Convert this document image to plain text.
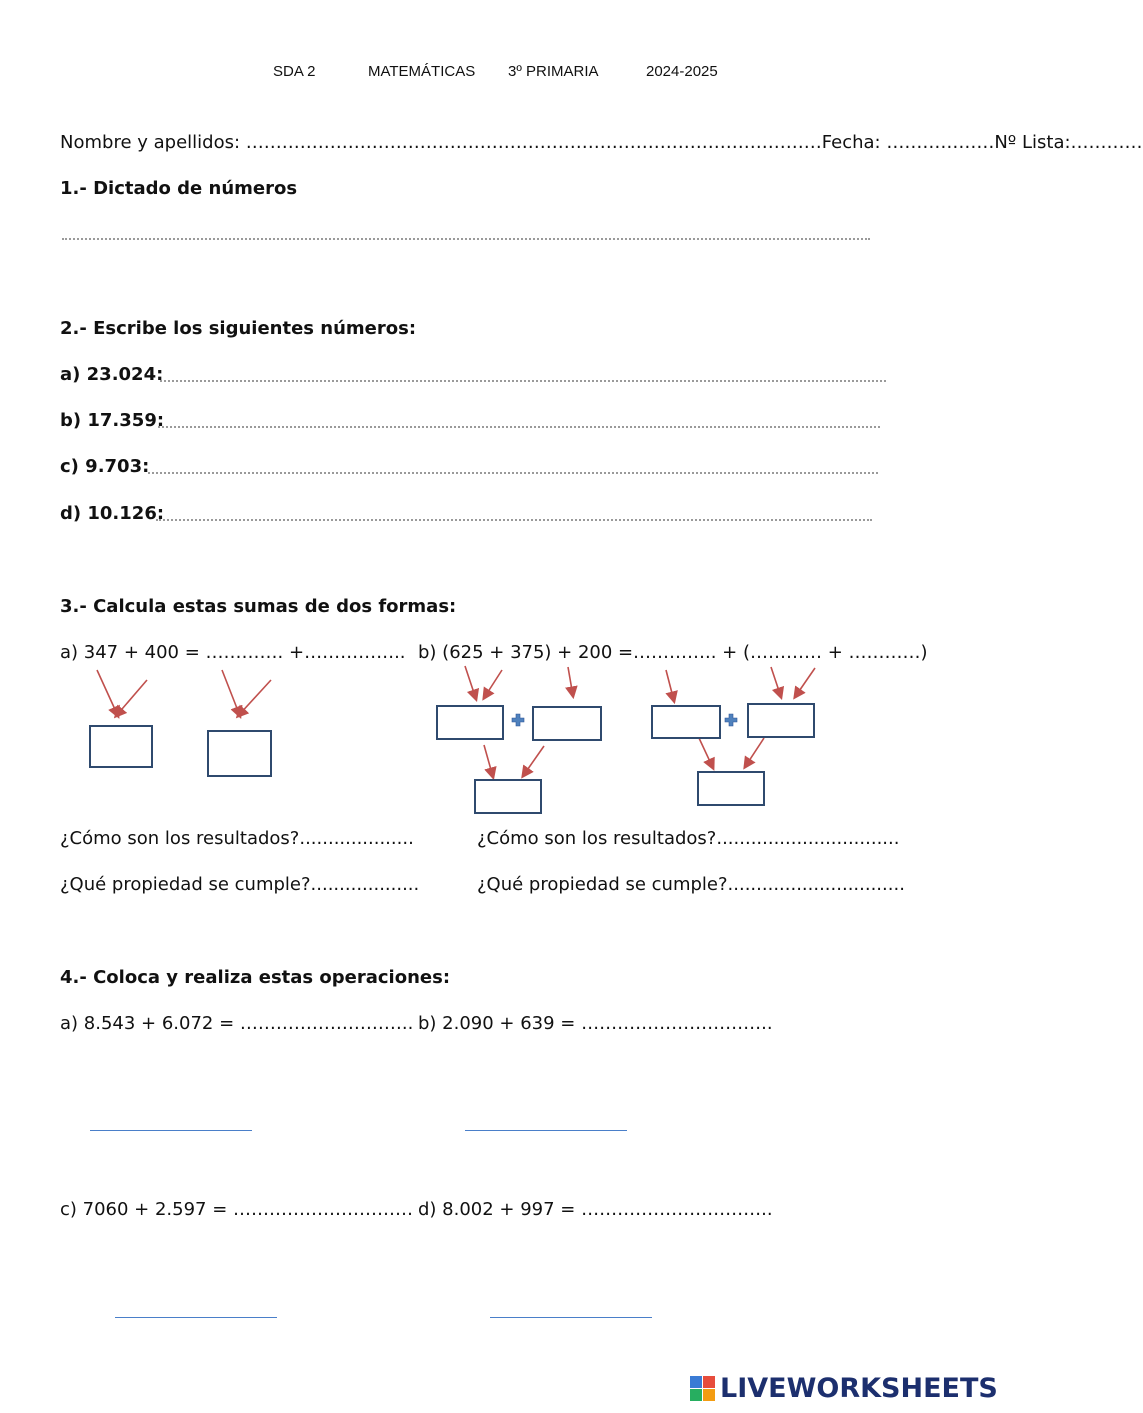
SDA 2	MATEMÁTICAS 3º PRIMARIA	2024-2025
Nombre y apellidos: ……………………………………………………………………………………Fecha: ………………Nº Lista:…………
1.- Dictado de números
2.- Escribe los siguientes números:
a) 23.024:
b) 17.359:
c) 9.703:
d) 10.126:
3.- Calcula estas sumas de dos formas:
a) 347 + 400 = …………. +…………….. b) (625 + 375) + 200 = ………….. + (………… + …………)
¿Cómo son los resultados?....................
¿Qué propiedad se cumple?...................
¿Cómo son los resultados?................................
¿Qué propiedad se cumple?...............................
4.- Coloca y realiza estas operaciones:
a) 8.543 + 6.072 = ……………………….. b) 2.090 + 639 = …………………………..
c) 7060 + 2.597 = ………………………… d) 8.002 + 997 = …………………………..
LIVEWORKSHEETS
